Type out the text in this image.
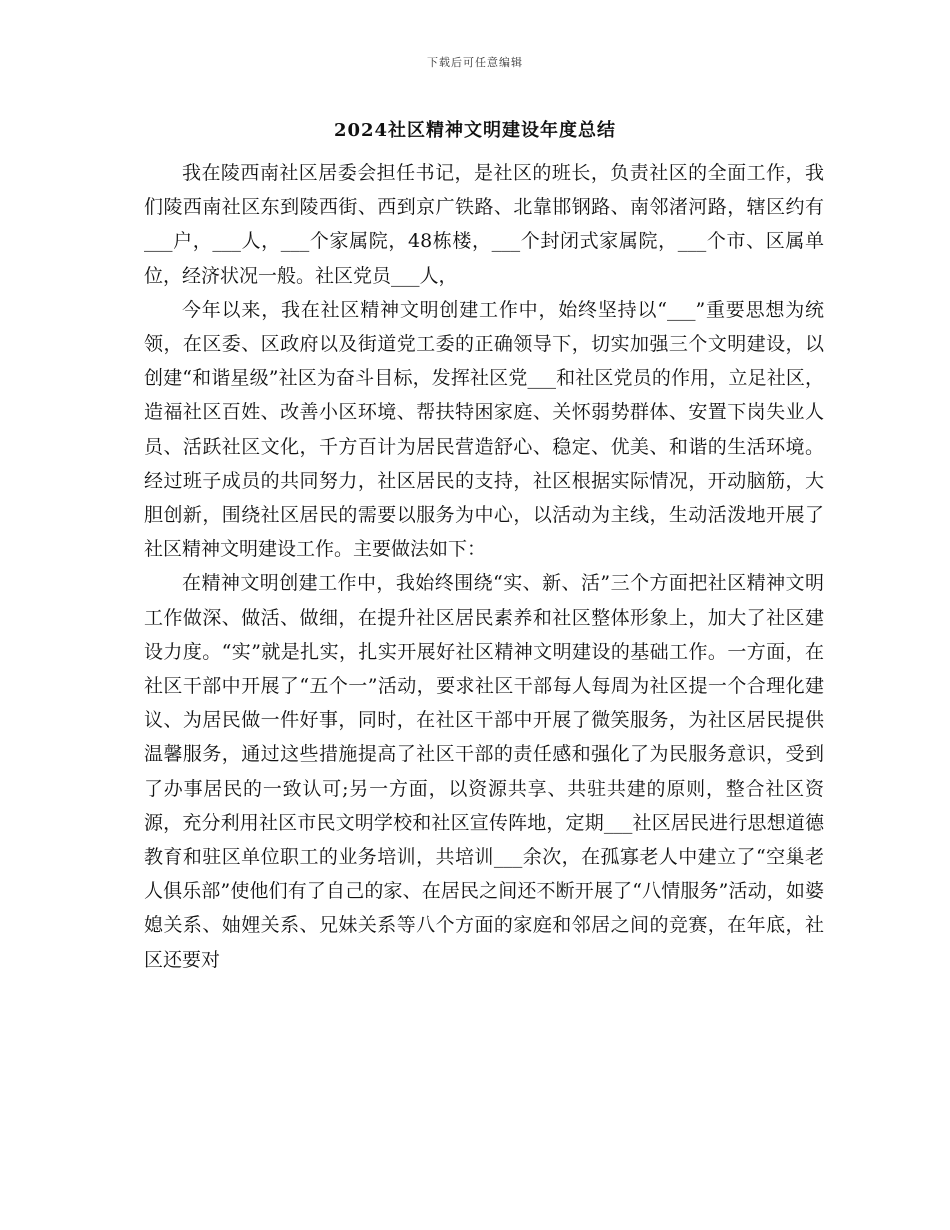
下载后可任意编辑
2024社区精神文明建设年度总结

我在陵西南社区居委会担任书记，是社区的班长，负责社区的全面工作，我们陵西南社区东到陵西街、西到京广铁路、北靠邯钢路、南邻渚河路，辖区约有___户，___人，___个家属院，48栋楼，___个封闭式家属院，___个市、区属单位，经济状况一般。社区党员___人，

今年以来，我在社区精神文明创建工作中，始终坚持以“___”重要思想为统领，在区委、区政府以及街道党工委的正确领导下，切实加强三个文明建设，以创建“和谐星级”社区为奋斗目标，发挥社区党___和社区党员的作用，立足社区，造福社区百姓、改善小区环境、帮扶特困家庭、关怀弱势群体、安置下岗失业人员、活跃社区文化，千方百计为居民营造舒心、稳定、优美、和谐的生活环境。经过班子成员的共同努力，社区居民的支持，社区根据实际情况，开动脑筋，大胆创新，围绕社区居民的需要以服务为中心，以活动为主线，生动活泼地开展了社区精神文明建设工作。主要做法如下：

在精神文明创建工作中，我始终围绕“实、新、活”三个方面把社区精神文明工作做深、做活、做细，在提升社区居民素养和社区整体形象上，加大了社区建设力度。“实”就是扎实，扎实开展好社区精神文明建设的基础工作。一方面，在社区干部中开展了“五个一”活动，要求社区干部每人每周为社区提一个合理化建议、为居民做一件好事，同时，在社区干部中开展了微笑服务，为社区居民提供温馨服务，通过这些措施提高了社区干部的责任感和强化了为民服务意识，受到了办事居民的一致认可;另一方面，以资源共享、共驻共建的原则，整合社区资源，充分利用社区市民文明学校和社区宣传阵地，定期___社区居民进行思想道德教育和驻区单位职工的业务培训，共培训___余次，在孤寡老人中建立了“空巢老人俱乐部”使他们有了自己的家、在居民之间还不断开展了“八情服务”活动，如婆媳关系、妯娌关系、兄妹关系等八个方面的家庭和邻居之间的竞赛，在年底，社区还要对
